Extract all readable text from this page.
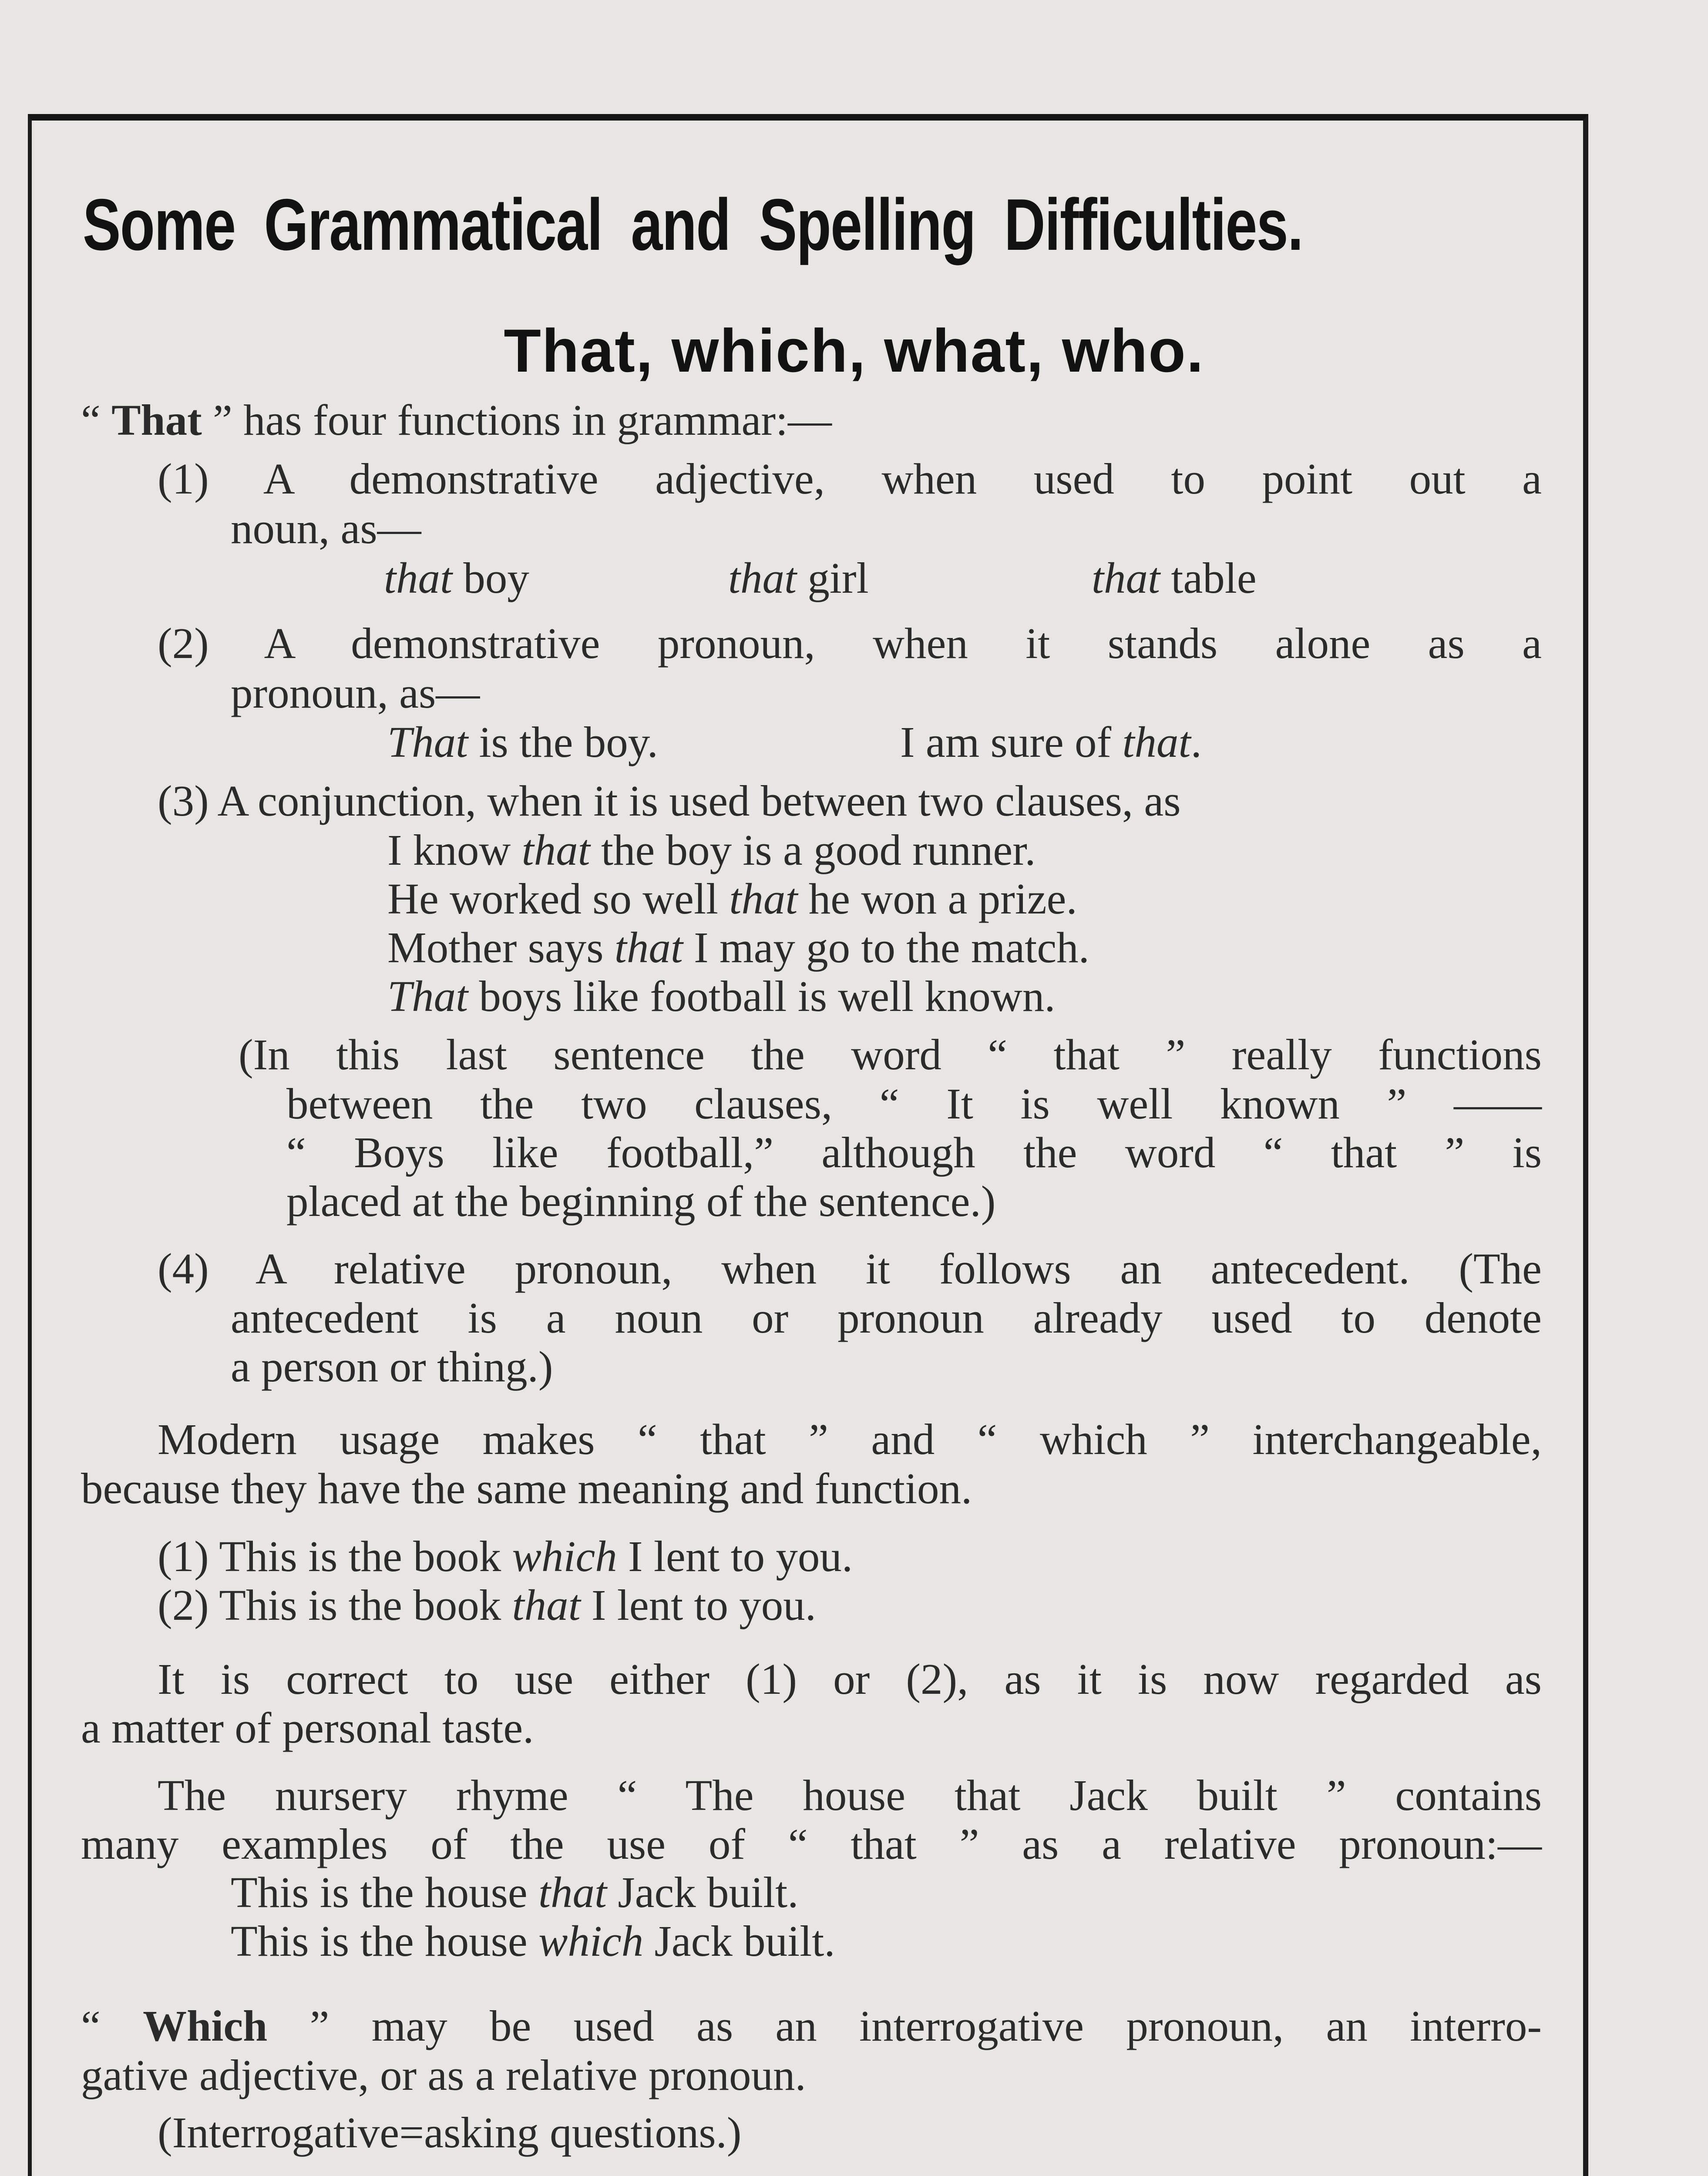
Some Grammatical and Spelling Difficulties.
That, which, what, who.
“ That ” has four functions in grammar:—
(1) A demonstrative adjective, when used to point out a
noun, as—
that boy	that girl	that table
(2) A demonstrative pronoun, when it stands alone as a
pronoun, as—
That is the boy.	I am sure of that.
(3) A conjunction, when it is used between two clauses, as
I know that the boy is a good runner.
He worked so well that he won a prize.
Mother says that I may go to the match.
That boys like football is well known.
(In this last sentence the word “ that ” really functions
between the two clauses, “ It is well known ” ——
“ Boys like football,” although the word “ that ” is
placed at the beginning of the sentence.)
(4) A relative pronoun, when it follows an antecedent. (The
antecedent is a noun or pronoun already used to denote
a person or thing.)
Modern usage makes “ that ” and “ which ” interchangeable,
because they have the same meaning and function.
(1) This is the book which I lent to you.
(2) This is the book that I lent to you.
It is correct to use either (1) or (2), as it is now regarded as
a matter of personal taste.
The nursery rhyme “ The house that Jack built ” contains
many examples of the use of “ that ” as a relative pronoun:—
This is the house that Jack built.
This is the house which Jack built.
“ Which ” may be used as an interrogative pronoun, an interro-
gative adjective, or as a relative pronoun.
(Interrogative=asking questions.)
